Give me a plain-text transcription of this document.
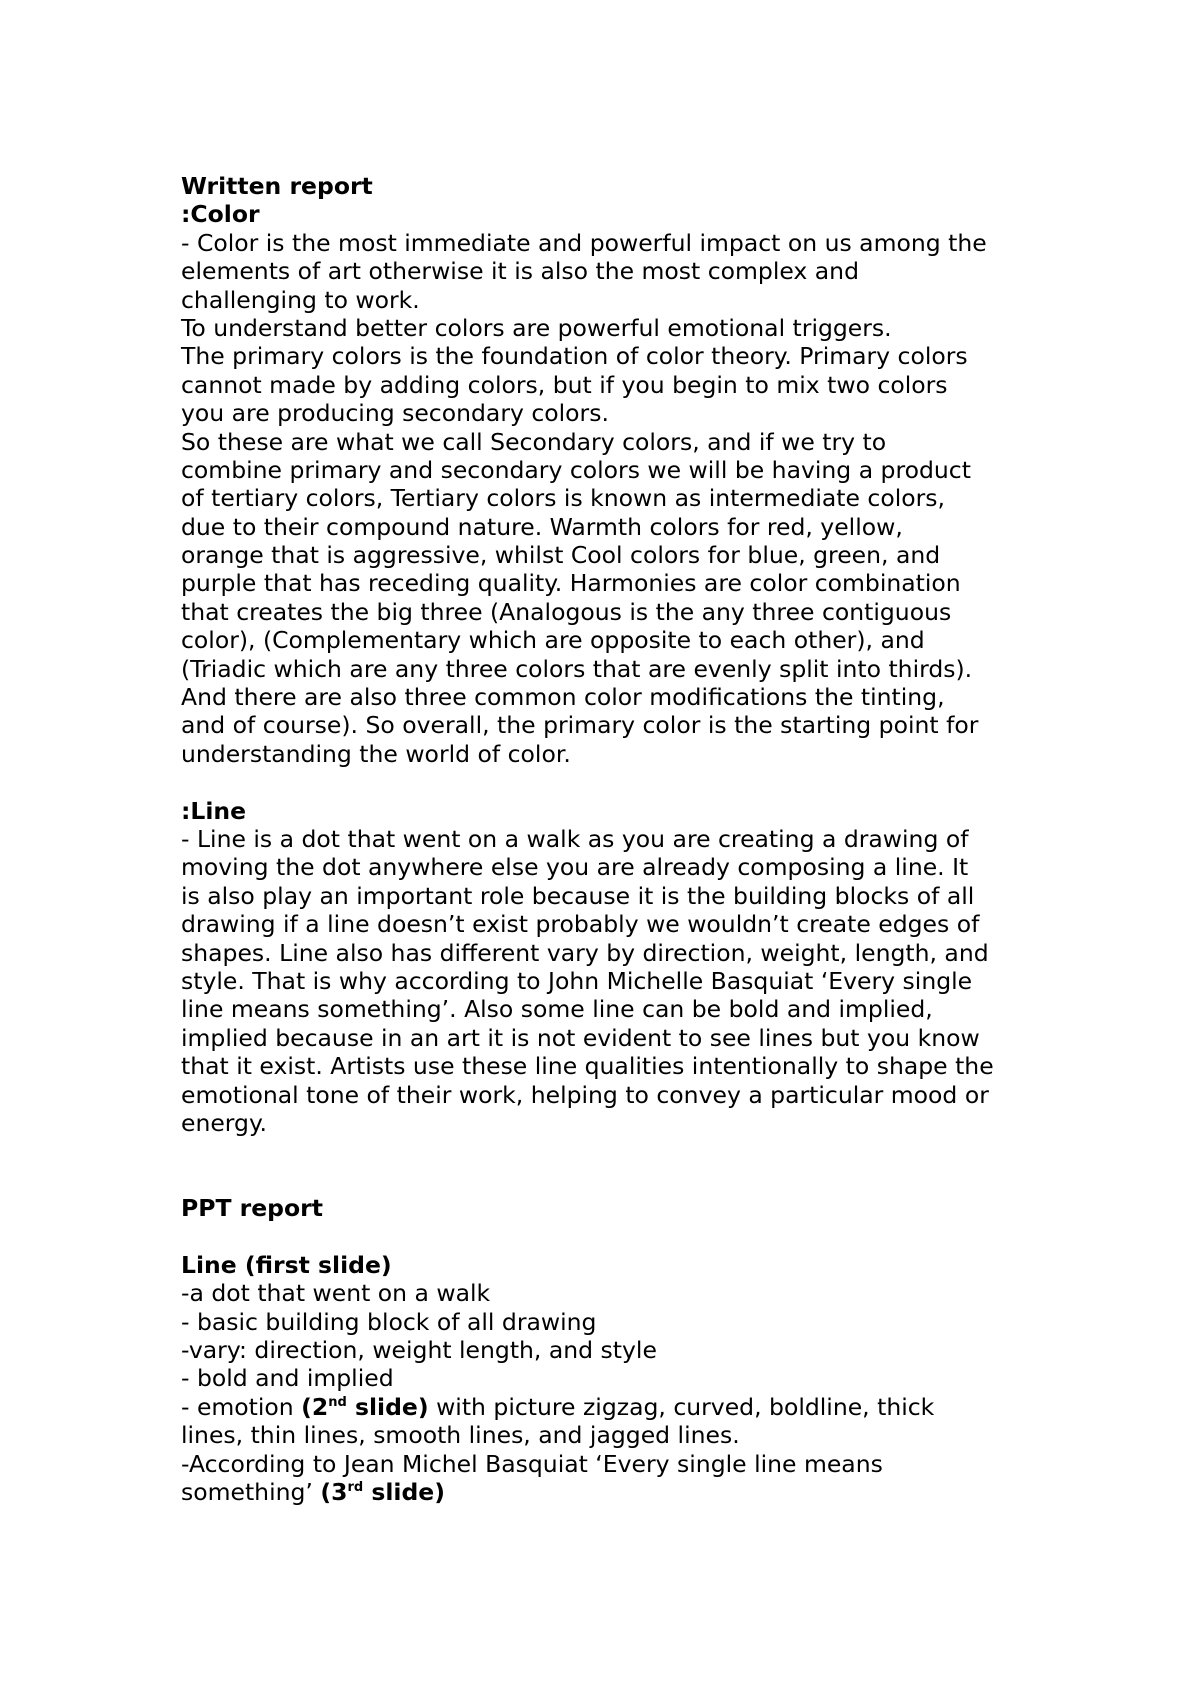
Written report
:Color
- Color is the most immediate and powerful impact on us among the
elements of art otherwise it is also the most complex and
challenging to work.
To understand better colors are powerful emotional triggers.
The primary colors is the foundation of color theory. Primary colors
cannot made by adding colors, but if you begin to mix two colors
you are producing secondary colors.
So these are what we call Secondary colors, and if we try to
combine primary and secondary colors we will be having a product
of tertiary colors, Tertiary colors is known as intermediate colors,
due to their compound nature. Warmth colors for red, yellow,
orange that is aggressive, whilst Cool colors for blue, green, and
purple that has receding quality. Harmonies are color combination
that creates the big three (Analogous is the any three contiguous
color), (Complementary which are opposite to each other), and
(Triadic which are any three colors that are evenly split into thirds).
And there are also three common color modifications the tinting,
and of course). So overall, the primary color is the starting point for
understanding the world of color.
:Line
- Line is a dot that went on a walk as you are creating a drawing of
moving the dot anywhere else you are already composing a line. It
is also play an important role because it is the building blocks of all
drawing if a line doesn’t exist probably we wouldn’t create edges of
shapes. Line also has different vary by direction, weight, length, and
style. That is why according to John Michelle Basquiat ‘Every single
line means something’. Also some line can be bold and implied,
implied because in an art it is not evident to see lines but you know
that it exist. Artists use these line qualities intentionally to shape the
emotional tone of their work, helping to convey a particular mood or
energy.
PPT report
Line (first slide)
-a dot that went on a walk
- basic building block of all drawing
-vary: direction, weight length, and style
- bold and implied
- emotion (2nd slide) with picture zigzag, curved, boldline, thick
lines, thin lines, smooth lines, and jagged lines.
-According to Jean Michel Basquiat ‘Every single line means
something’ (3rd slide)
